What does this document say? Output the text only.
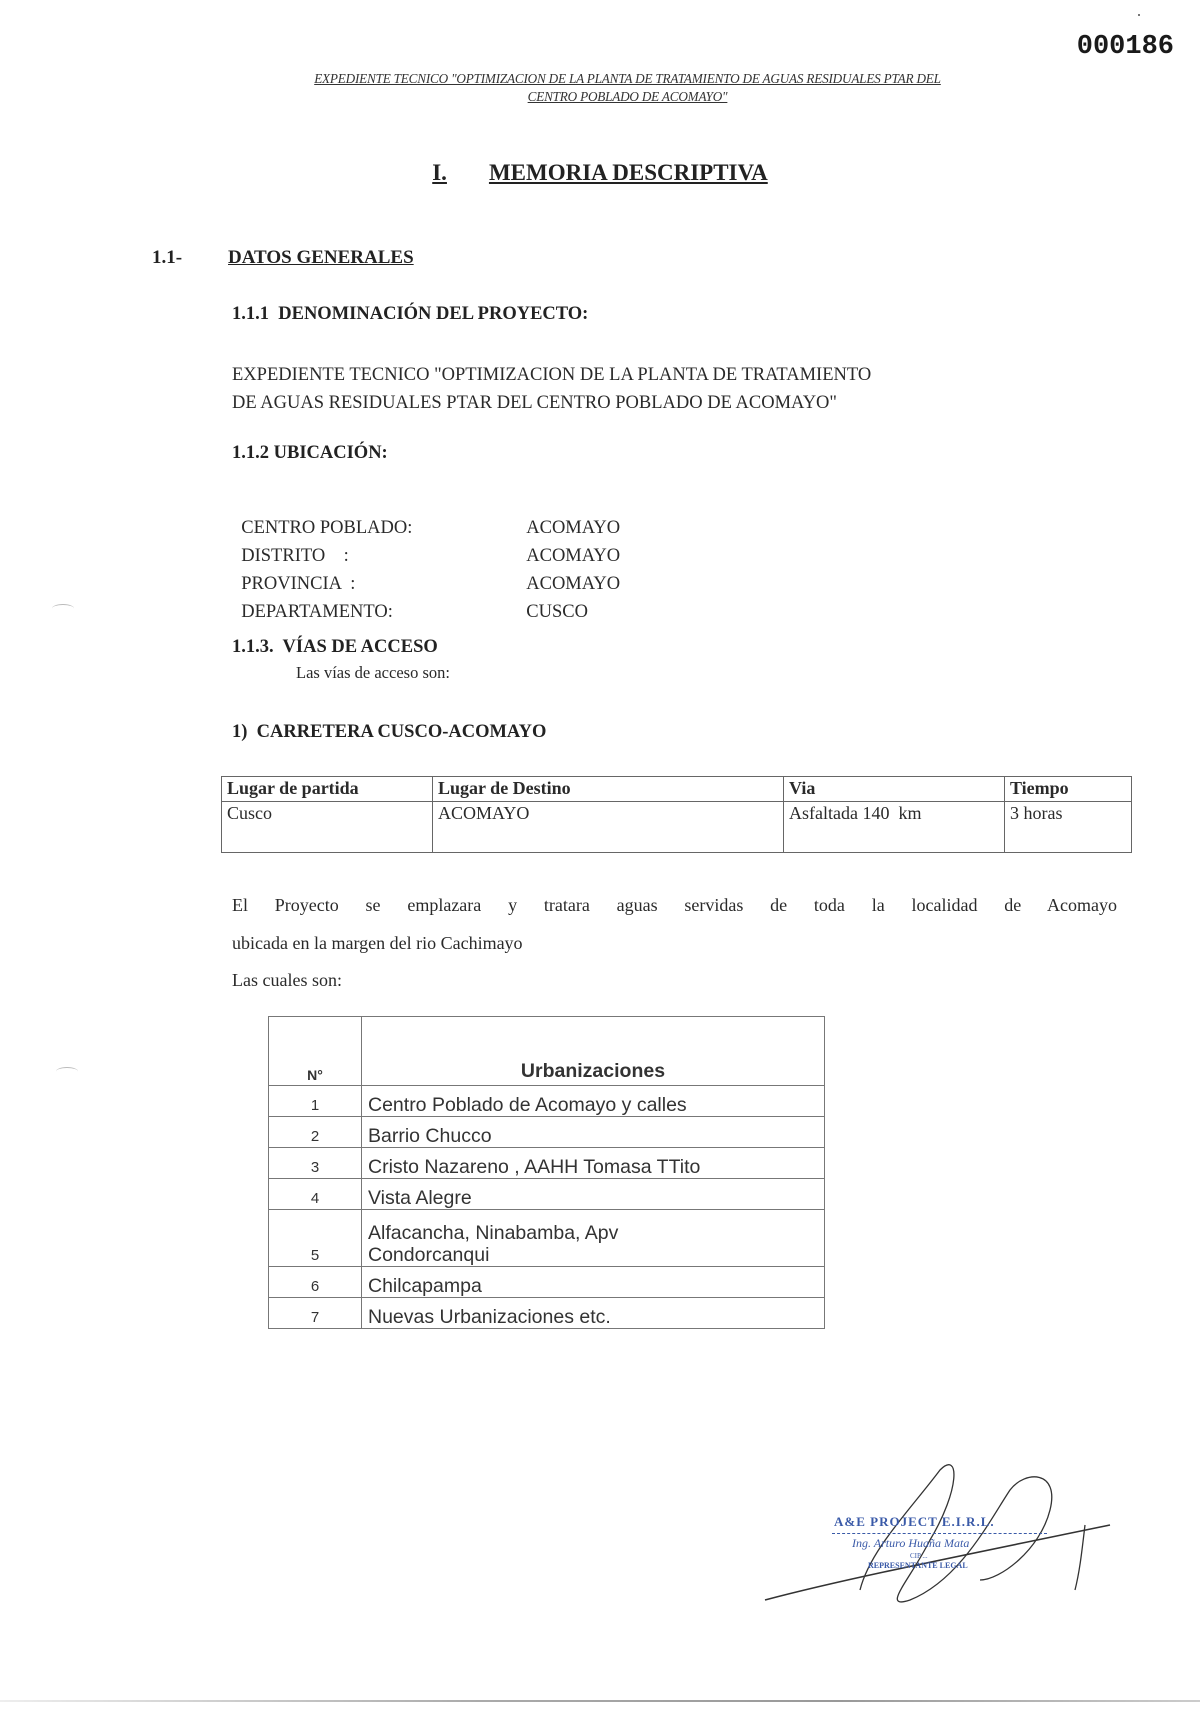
000186
EXPEDIENTE TECNICO "OPTIMIZACION DE LA PLANTA DE TRATAMIENTO DE AGUAS RESIDUALES PTAR DEL
CENTRO POBLADO DE ACOMAYO"
I. MEMORIA DESCRIPTIVA
1.1- DATOS GENERALES
1.1.1  DENOMINACIÓN DEL PROYECTO:
EXPEDIENTE TECNICO "OPTIMIZACION DE LA PLANTA DE TRATAMIENTO
DE AGUAS RESIDUALES PTAR DEL CENTRO POBLADO DE ACOMAYO"
1.1.2 UBICACIÓN:

CENTRO POBLADO:	ACOMAYO

DISTRITO    :	ACOMAYO

PROVINCIA  :	ACOMAYO

DEPARTAMENTO:	CUSCO

1.1.3.  VÍAS DE ACCESO
Las vías de acceso son:
1)  CARRETERA CUSCO-ACOMAYO
Lugar de partida	Lugar de Destino	Via	Tiempo
Cusco	ACOMAYO	Asfaltada 140  km	3 horas
El Proyecto se emplazara y tratara aguas servidas de toda la localidad de Acomayo
ubicada en la margen del rio Cachimayo
Las cuales son:
N°	Urbanizaciones
1	Centro Poblado de Acomayo y calles
2	Barrio Chucco
3	Cristo Nazareno , AAHH Tomasa TTito
4	Vista Alegre
5	Alfacancha, Ninabamba, Apv
Condorcanqui

6	Chilcapampa
7	Nuevas Urbanizaciones etc.
A&E PROJECT E.I.R.L.
Ing. Arturo Huaña Mata
CIP ...
REPRESENTANTE LEGAL
